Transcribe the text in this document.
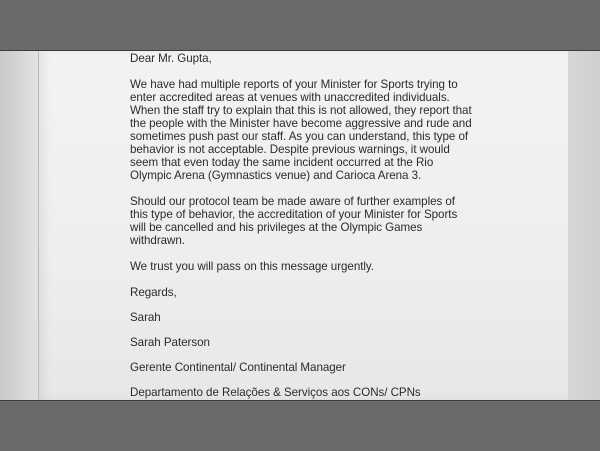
Dear Mr. Gupta,

We have had multiple reports of your Minister for Sports trying to enter accredited areas at venues with unaccredited individuals. When the staff try to explain that this is not allowed, they report that the people with the Minister have become aggressive and rude and sometimes push past our staff. As you can understand, this type of behavior is not acceptable. Despite previous warnings, it would seem that even today the same incident occurred at the Rio Olympic Arena (Gymnastics venue) and Carioca Arena 3.

Should our protocol team be made aware of further examples of this type of behavior, the accreditation of your Minister for Sports will be cancelled and his privileges at the Olympic Games withdrawn.

We trust you will pass on this message urgently.

Regards,

Sarah

Sarah Paterson

Gerente Continental/ Continental Manager

Departamento de Relações & Serviços aos CONs/ CPNs
